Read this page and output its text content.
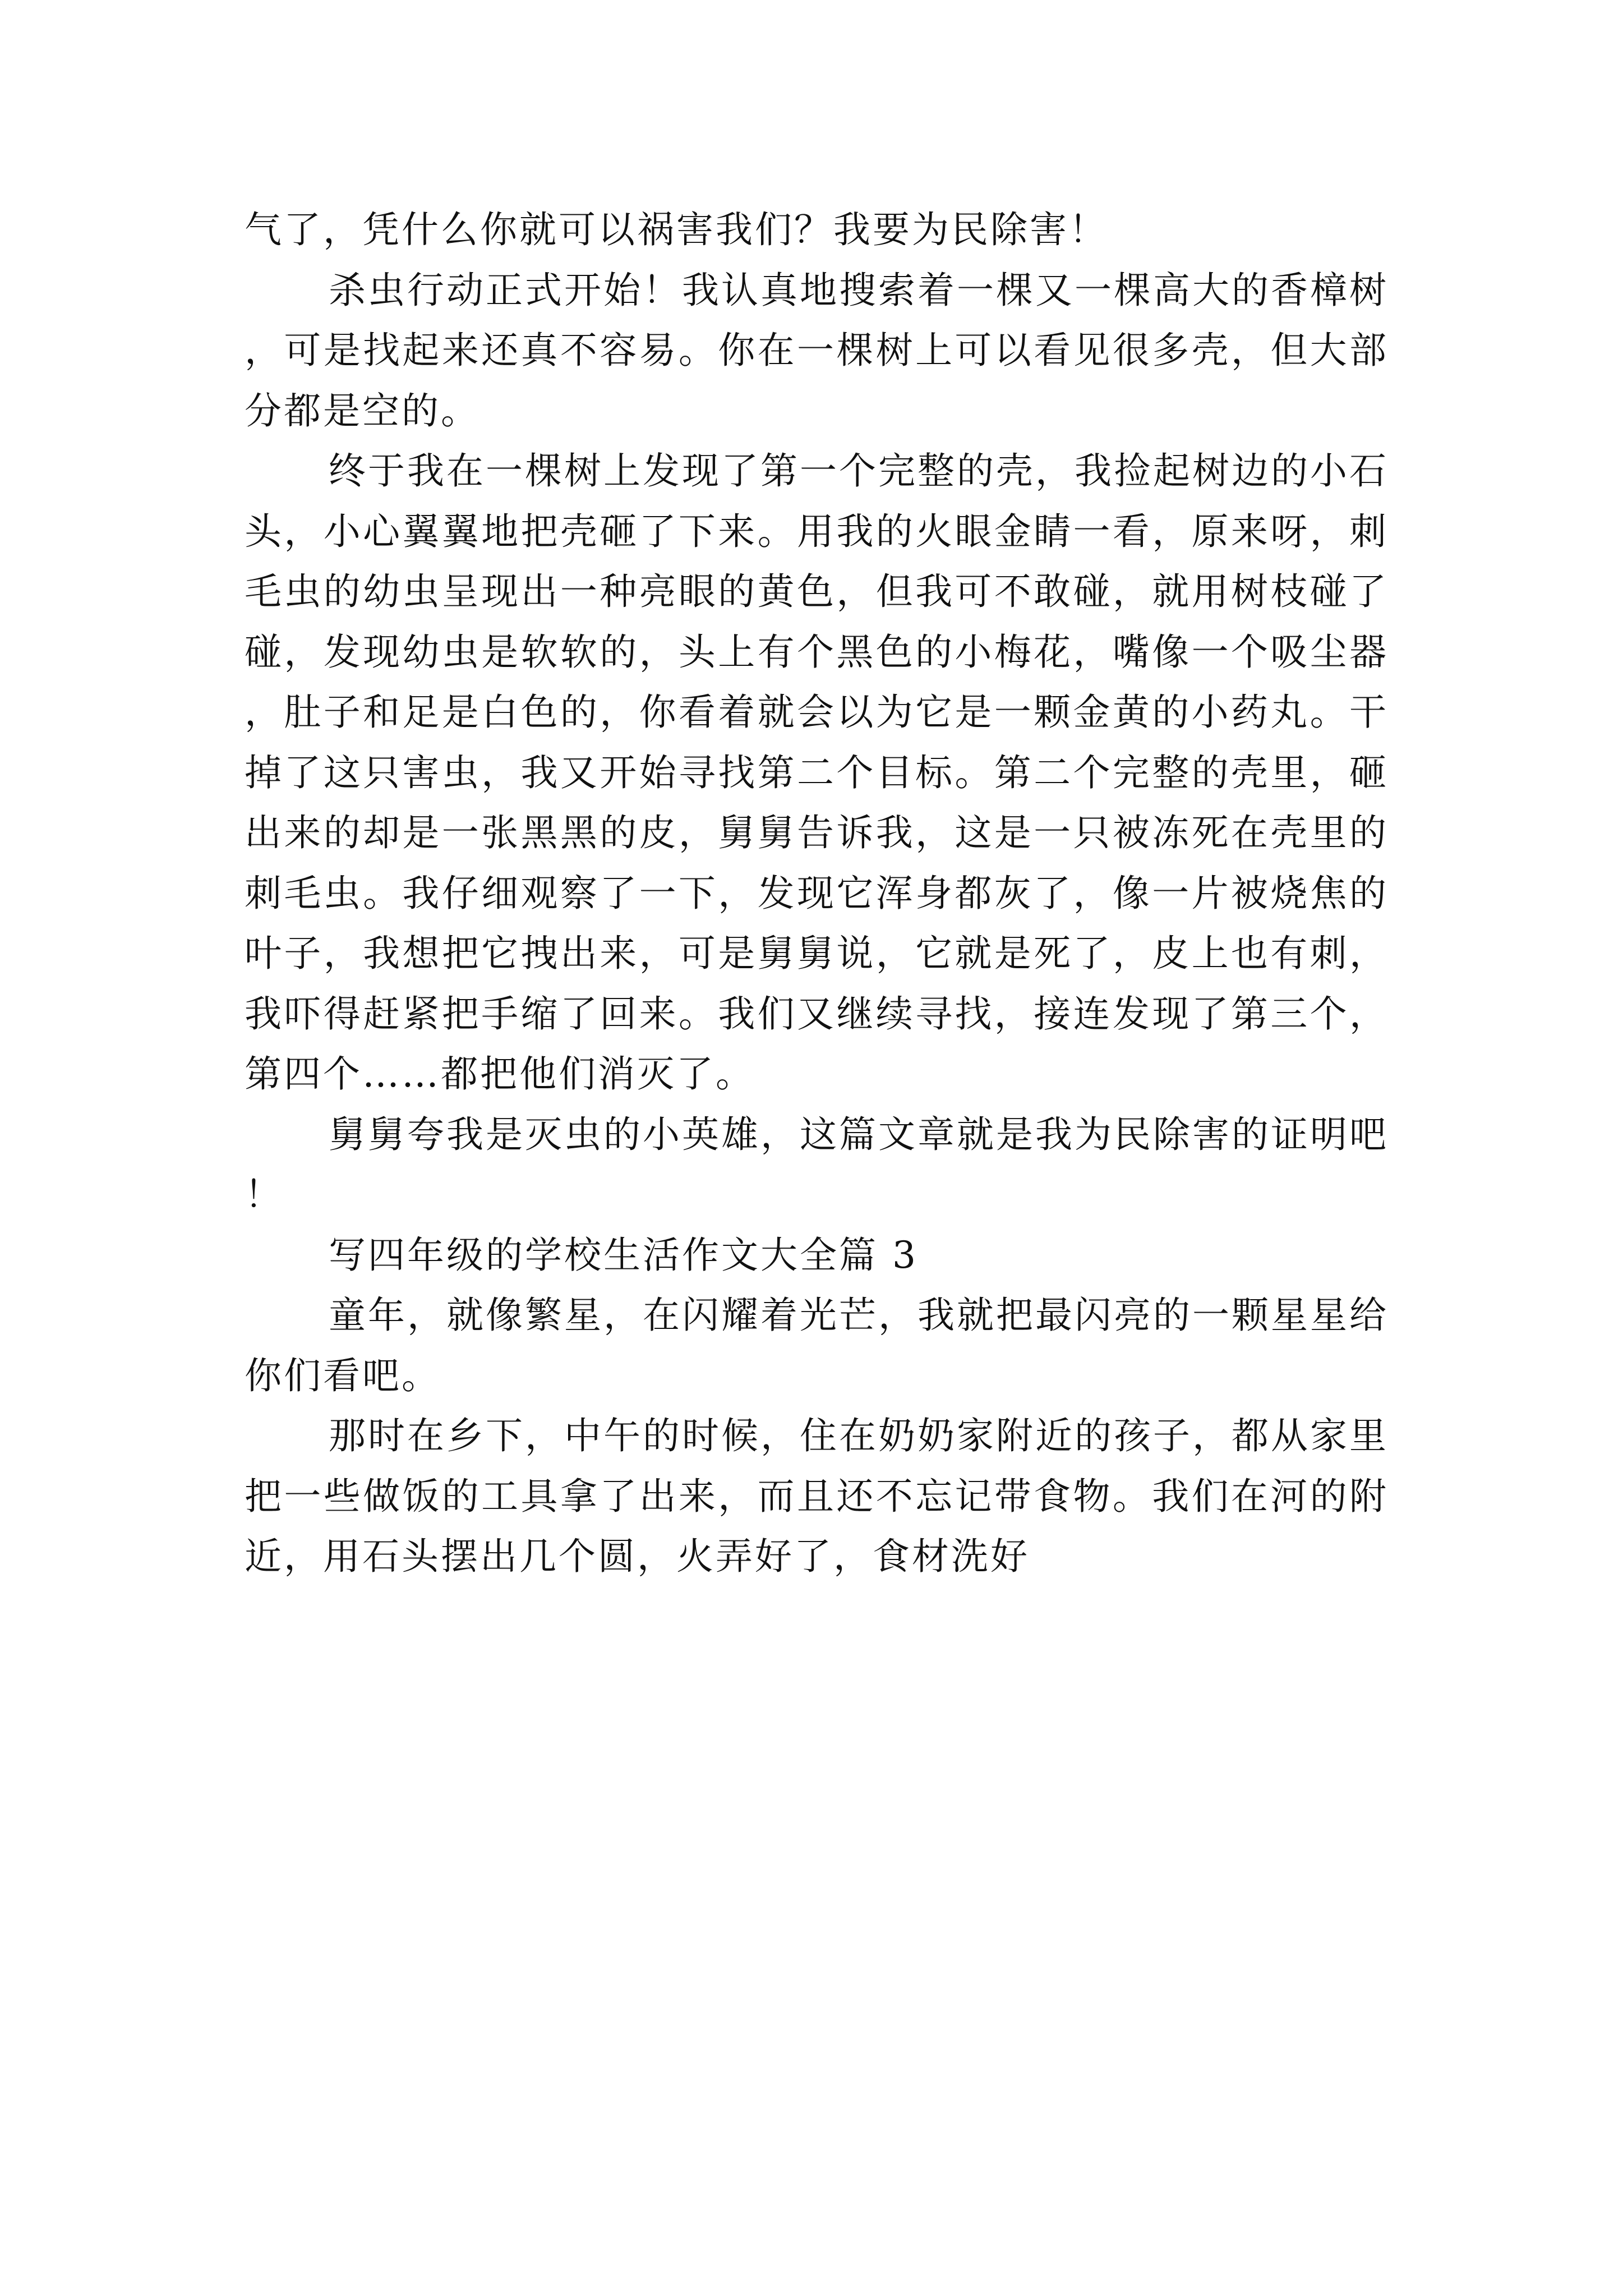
气了，凭什么你就可以祸害我们？我要为民除害！

杀虫行动正式开始！我认真地搜索着一棵又一棵高大的香樟树，可是找起来还真不容易。你在一棵树上可以看见很多壳，但大部分都是空的。

终于我在一棵树上发现了第一个完整的壳，我捡起树边的小石头，小心翼翼地把壳砸了下来。用我的火眼金睛一看，原来呀，刺毛虫的幼虫呈现出一种亮眼的黄色，但我可不敢碰，就用树枝碰了碰，发现幼虫是软软的，头上有个黑色的小梅花，嘴像一个吸尘器，肚子和足是白色的，你看着就会以为它是一颗金黄的小药丸。干掉了这只害虫，我又开始寻找第二个目标。第二个完整的壳里，砸出来的却是一张黑黑的皮，舅舅告诉我，这是一只被冻死在壳里的刺毛虫。我仔细观察了一下，发现它浑身都灰了，像一片被烧焦的叶子，我想把它拽出来，可是舅舅说，它就是死了，皮上也有刺，我吓得赶紧把手缩了回来。我们又继续寻找，接连发现了第三个，第四个……都把他们消灭了。

舅舅夸我是灭虫的小英雄，这篇文章就是我为民除害的证明吧！

写四年级的学校生活作文大全篇 3

童年，就像繁星，在闪耀着光芒，我就把最闪亮的一颗星星给你们看吧。

那时在乡下，中午的时候，住在奶奶家附近的孩子，都从家里把一些做饭的工具拿了出来，而且还不忘记带食物。我们在河的附近，用石头摆出几个圆，火弄好了，食材洗好
